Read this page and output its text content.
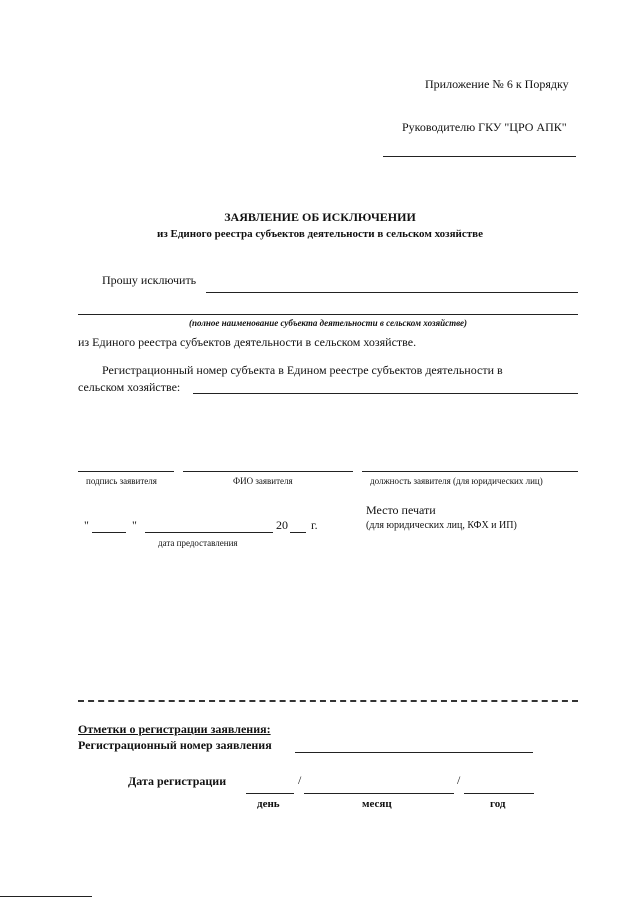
Приложение № 6 к Порядку
Руководителю ГКУ "ЦРО АПК"
ЗАЯВЛЕНИЕ ОБ ИСКЛЮЧЕНИИ
из Единого реестра субъектов деятельности в сельском хозяйстве
Прошу исключить
(полное наименование субъекта деятельности в сельском хозяйстве)
из Единого реестра субъектов деятельности в сельском хозяйстве.
Регистрационный номер субъекта в Едином реестре субъектов деятельности в
сельском хозяйстве:
подпись заявителя	ФИО заявителя	должность заявителя (для юридических лиц)
Место печати
(для юридических лиц, КФХ и ИП)
"	"	20 г.
дата предоставления
Отметки о регистрации заявления:
Регистрационный номер заявления
Дата регистрации	/	/
день	месяц	год
